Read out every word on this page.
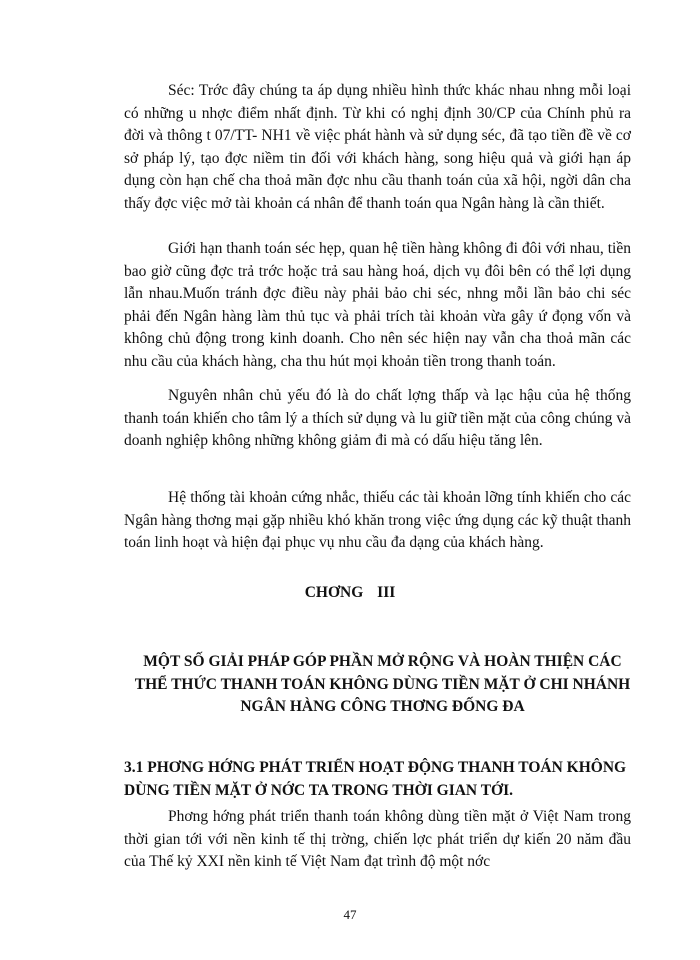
Séc: Trớc đây chúng ta áp dụng nhiều hình thức khác nhau nhng mỗi loại có những u nhợc điểm nhất định. Từ khi có nghị định 30/CP của Chính phủ ra đời và thông t 07/TT- NH1 về việc phát hành và sử dụng séc, đã tạo tiền đề về cơ sở pháp lý, tạo đợc niềm tin đối với khách hàng, song hiệu quả và giới hạn áp dụng còn hạn chế cha thoả mãn đợc nhu cầu thanh toán của xã hội, ngời dân cha thấy đợc việc mở tài khoản cá nhân để thanh toán qua Ngân hàng là cần thiết.

Giới hạn thanh toán séc hẹp, quan hệ tiền hàng không đi đôi với nhau, tiền bao giờ cũng đợc trả trớc hoặc trả sau hàng hoá, dịch vụ đôi bên có thể lợi dụng lẫn nhau.Muốn tránh đợc điều này phải bảo chi séc, nhng mỗi lần bảo chi séc phải đến Ngân hàng làm thủ tục và phải trích tài khoản vừa gây ứ đọng vốn và không chủ động trong kinh doanh. Cho nên séc hiện nay vẫn cha thoả mãn các nhu cầu của khách hàng, cha thu hút mọi khoản tiền trong thanh toán.

Nguyên nhân chủ yếu đó là do chất lợng thấp và lạc hậu của hệ thống thanh toán khiến cho tâm lý a thích sử dụng và lu giữ tiền mặt của công chúng và doanh nghiệp không những không giảm đi mà có dấu hiệu tăng lên.

Hệ thống tài khoản cứng nhắc, thiếu các tài khoản lỡng tính khiến cho các Ngân hàng thơng mại gặp nhiều khó khăn trong việc ứng dụng các kỹ thuật thanh toán linh hoạt và hiện đại phục vụ nhu cầu đa dạng của khách hàng.

CHƠNG III

MỘT SỐ GIẢI PHÁP GÓP PHẦN MỞ RỘNG VÀ HOÀN THIỆN CÁC THỂ THỨC THANH TOÁN KHÔNG DÙNG TIỀN MẶT Ở CHI NHÁNH NGÂN HÀNG CÔNG THƠNG ĐỐNG ĐA

3.1 PHƠNG HỚNG PHÁT TRIỂN HOẠT ĐỘNG THANH TOÁN KHÔNG DÙNG TIỀN MẶT Ở NỚC TA TRONG THỜI GIAN TỚI.

Phơng hớng phát triển thanh toán không dùng tiền mặt ở Việt Nam trong thời gian tới với nền kinh tế thị trờng, chiến lợc phát triển dự kiến 20 năm đầu của Thế kỷ XXI nền kinh tế Việt Nam đạt trình độ một nớc

47
